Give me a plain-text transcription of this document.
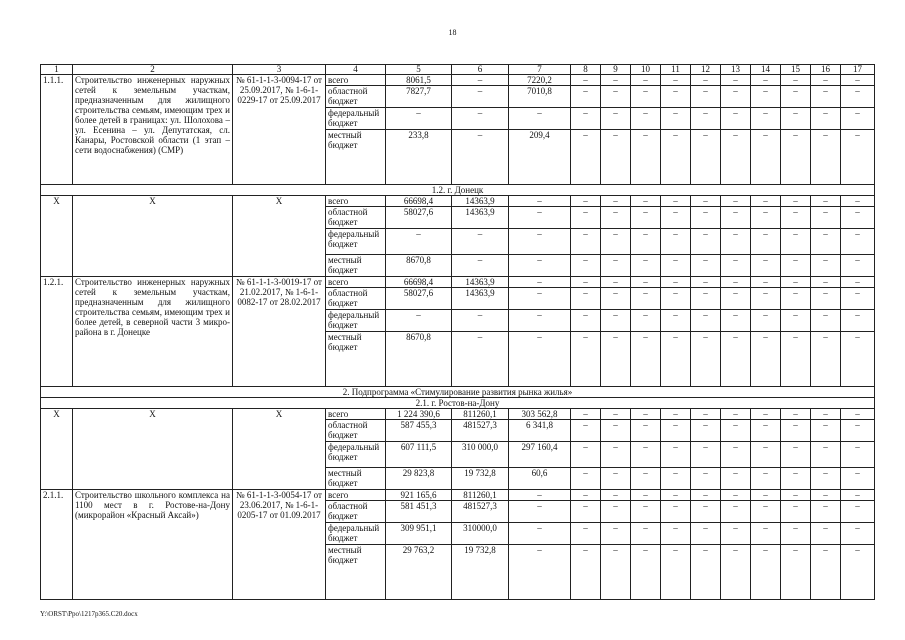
18
1	2	3	4	5	6	7	8	9	10	11	12	13	14	15	16	17
1.1.1.	Строительство инженерных наружных сетей к земельным участкам, предназначенным для жилищного строительства семьям, имеющим трех и более детей в границах: ул. Шолохова – ул. Есенина – ул. Депутатская, сл. Канары, Ростовской области (1 этап – сети водоснабжения) (СМР)	№ 61-1-1-3-0094-17 от 25.09.2017, № 1-6-1-0229-17 от 25.09.2017	всего	8061,5	–	7220,2	–	–	–	–	–	–	–	–	–	–
			областной бюджет	7827,7	–	7010,8	–	–	–	–	–	–	–	–	–	–
			федеральный бюджет	–	–	–	–	–	–	–	–	–	–	–	–	–
			местный бюджет	233,8	–	209,4	–	–	–	–	–	–	–	–	–	–
1.2. г. Донецк																
Х	Х	Х	всего	66698,4	14363,9	–	–	–	–	–	–	–	–	–	–	–
			областной бюджет	58027,6	14363,9	–	–	–	–	–	–	–	–	–	–	–
			федеральный бюджет	–	–	–	–	–	–	–	–	–	–	–	–	–
			местный бюджет	8670,8	–	–	–	–	–	–	–	–	–	–	–	–
1.2.1.	Строительство инженерных наружных сетей к земельным участкам, предназначенным для жилищного строительства семьям, имеющим трех и более детей, в северной части 3 микро-района в г. Донецке	№ 61-1-1-3-0019-17 от 21.02.2017, № 1-6-1-0082-17 от 28.02.2017	всего	66698,4	14363,9	–	–	–	–	–	–	–	–	–	–	–
			областной бюджет	58027,6	14363,9	–	–	–	–	–	–	–	–	–	–	–
			федеральный бюджет	–	–	–	–	–	–	–	–	–	–	–	–	–
			местный бюджет	8670,8	–	–	–	–	–	–	–	–	–	–	–	–
2. Подпрограмма «Стимулирование развития рынка жилья»																
2.1. г. Ростов-на-Дону																
Х	Х	Х	всего	1 224 390,6	811260,1	303 562,8	–	–	–	–	–	–	–	–	–	–
			областной бюджет	587 455,3	481527,3	6 341,8	–	–	–	–	–	–	–	–	–	–
			федеральный бюджет	607 111,5	310 000,0	297 160,4	–	–	–	–	–	–	–	–	–	–
			местный бюджет	29 823,8	19 732,8	60,6	–	–	–	–	–	–	–	–	–	–
2.1.1.	Строительство школьного комплекса на 1100 мест в г. Ростове-на-Дону (микрорайон «Красный Аксай»)	№ 61-1-1-3-0054-17 от 23.06.2017, № 1-6-1-0205-17 от 01.09.2017	всего	921 165,6	811260,1	–	–	–	–	–	–	–	–	–	–	–
			областной бюджет	581 451,3	481527,3	–	–	–	–	–	–	–	–	–	–	–
			федеральный бюджет	309 951,1	310000,0	–	–	–	–	–	–	–	–	–	–	–
			местный бюджет	29 763,2	19 732,8	–	–	–	–	–	–	–	–	–	–	–
Y:\ORST\Ppo\1217p365.C20.docx
